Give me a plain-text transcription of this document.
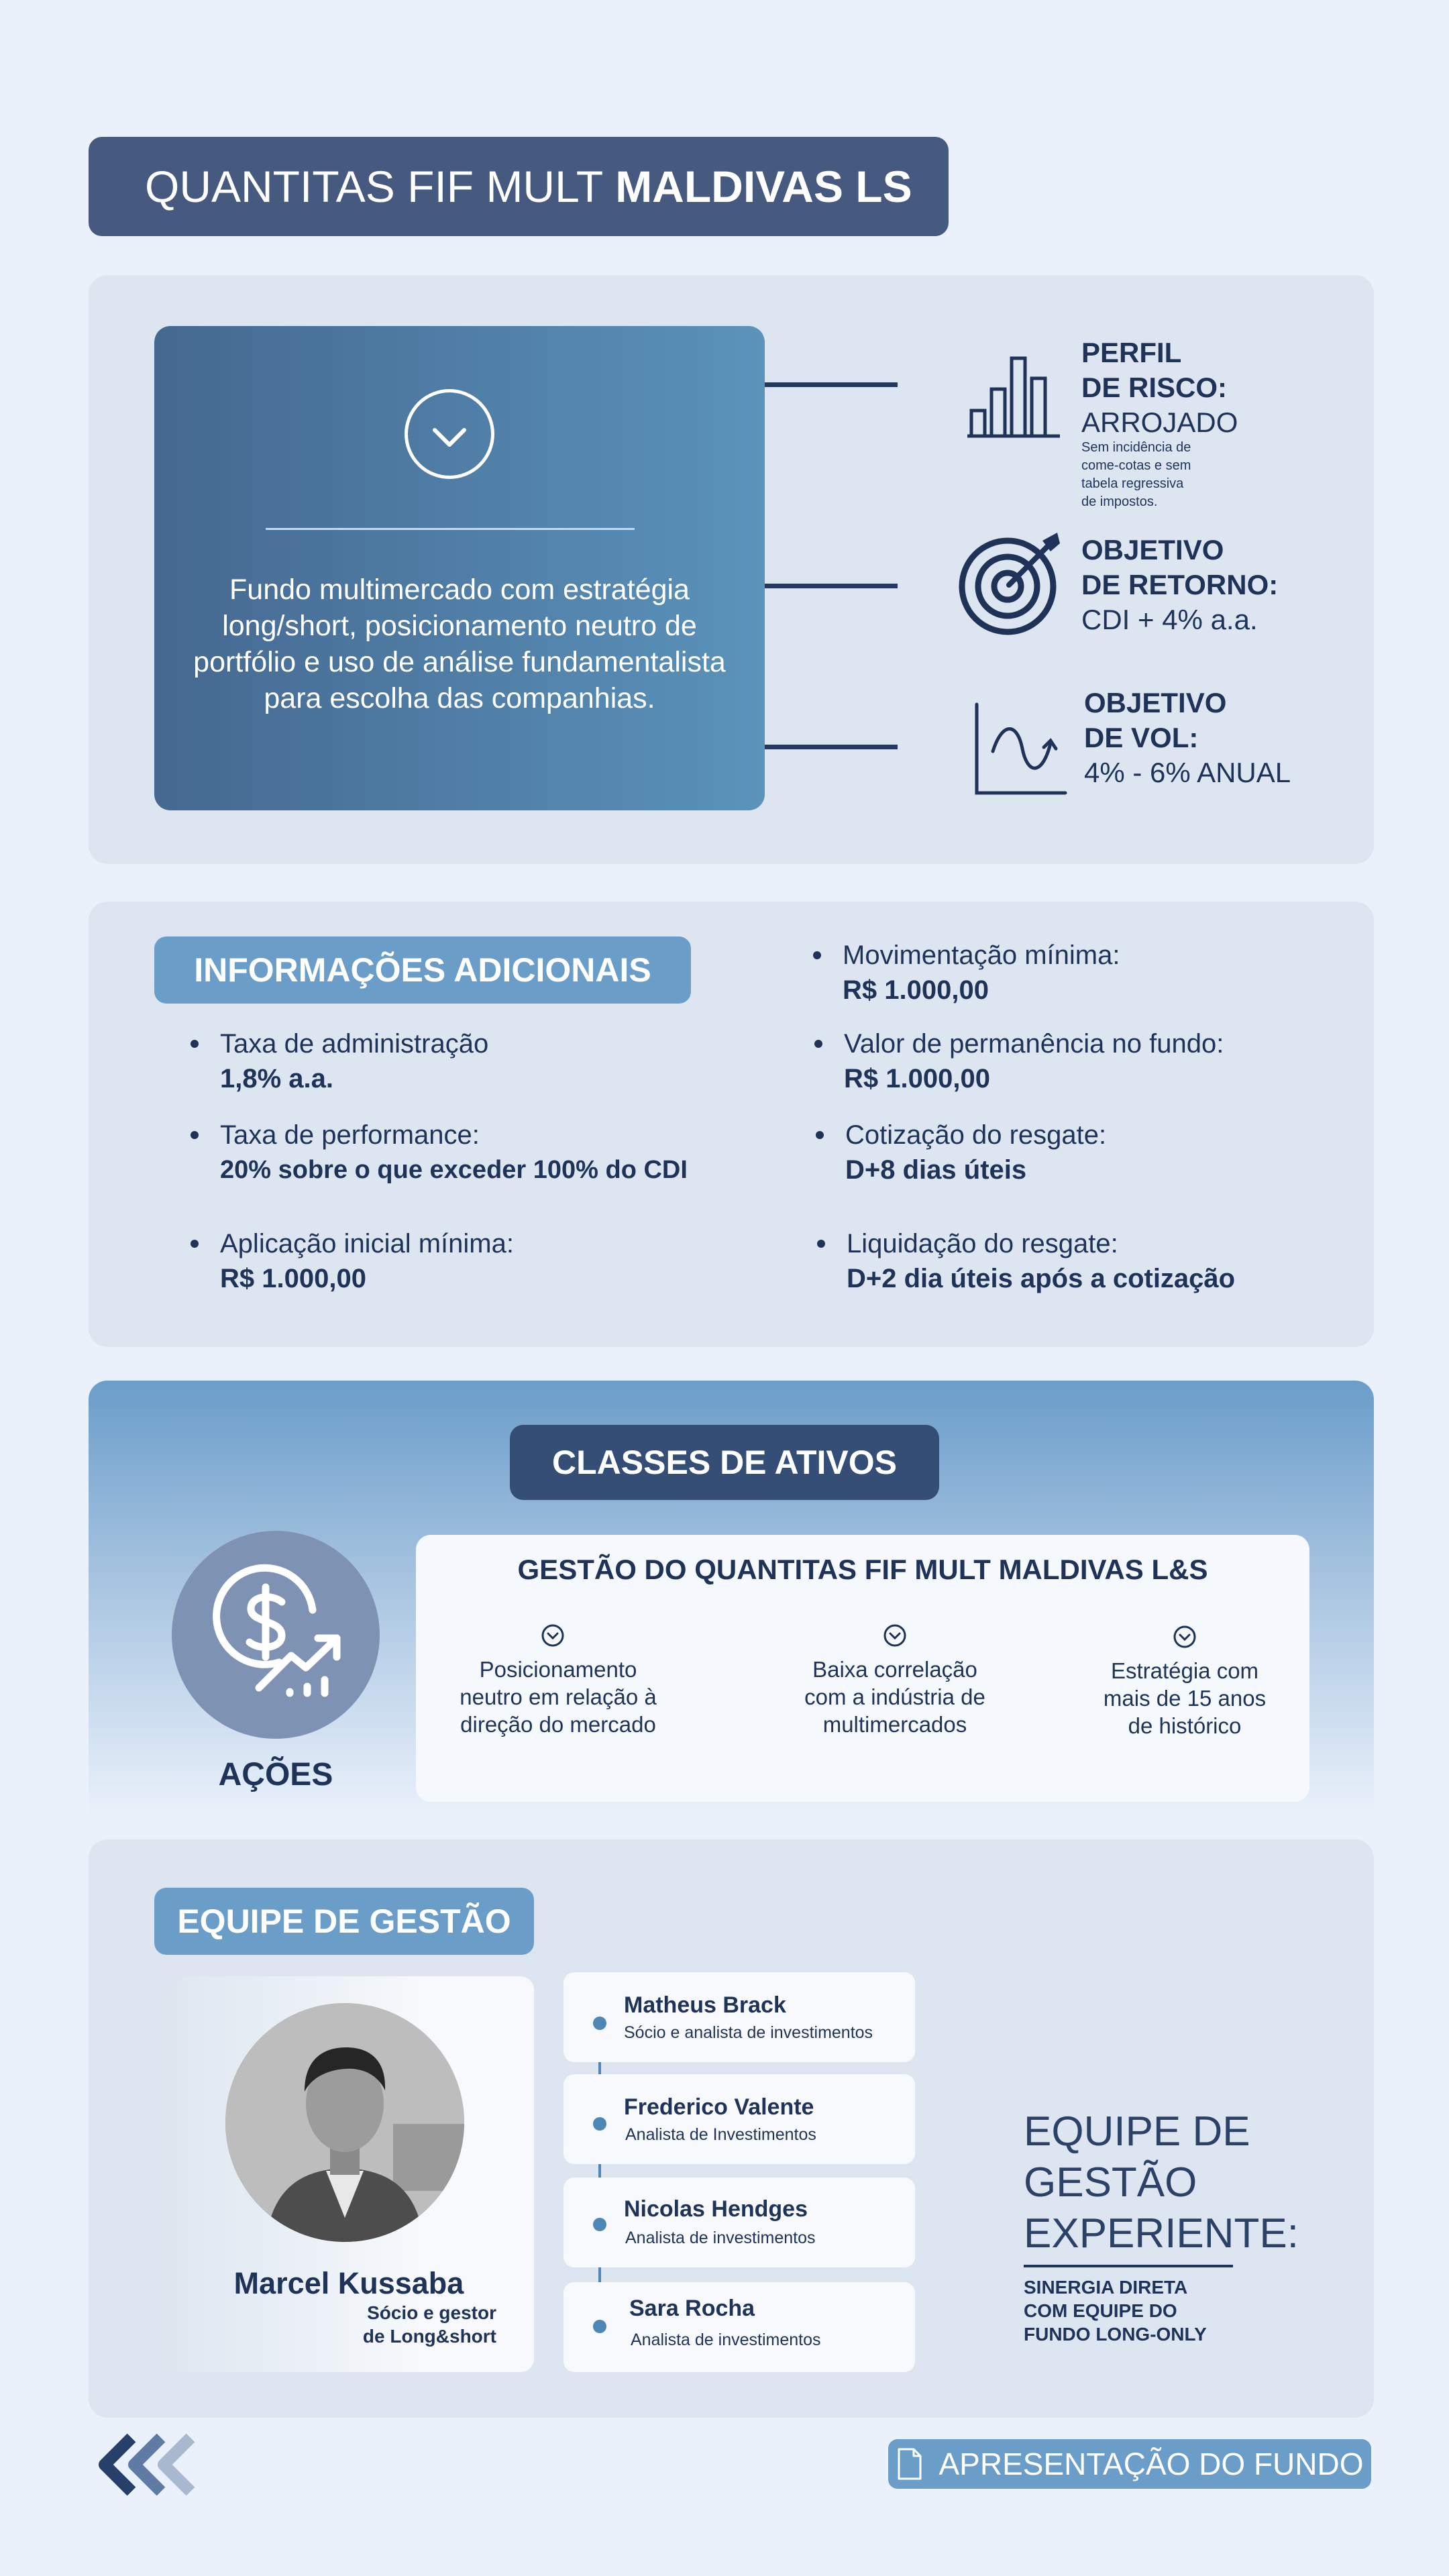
QUANTITAS FIF MULT MALDIVAS LS
Fundo multimercado com estratégia long/short, posicionamento neutro de portfólio e uso de análise fundamentalista para escolha das companhias.
PERFIL
DE RISCO:
ARROJADO
Sem incidência de
come-cotas e sem
tabela regressiva
de impostos.
OBJETIVO
DE RETORNO:
CDI + 4% a.a.
OBJETIVO
DE VOL:
4% - 6% ANUAL
INFORMAÇÕES ADICIONAIS
Taxa de administração
1,8% a.a.
Taxa de performance:
20% sobre o que exceder 100% do CDI
Aplicação inicial mínima:
R$ 1.000,00
Movimentação mínima:
R$ 1.000,00
Valor de permanência no fundo:
R$ 1.000,00
Cotização do resgate:
D+8 dias úteis
Liquidação do resgate:
D+2 dia úteis após a cotização
CLASSES DE ATIVOS
AÇÕES
GESTÃO DO QUANTITAS FIF MULT MALDIVAS L&S
Posicionamento
neutro em relação à
direção do mercado
Baixa correlação
com a indústria de
multimercados
Estratégia com
mais de 15 anos
de histórico
EQUIPE DE GESTÃO
Marcel Kussaba
Sócio e gestor
de Long&short
Matheus Brack
Sócio e analista de investimentos
Frederico Valente
Analista de Investimentos
Nicolas Hendges
Analista de investimentos
Sara Rocha
Analista de investimentos
EQUIPE DE
GESTÃO
EXPERIENTE:
SINERGIA DIRETA
COM EQUIPE DO
FUNDO LONG-ONLY
APRESENTAÇÃO DO FUNDO
